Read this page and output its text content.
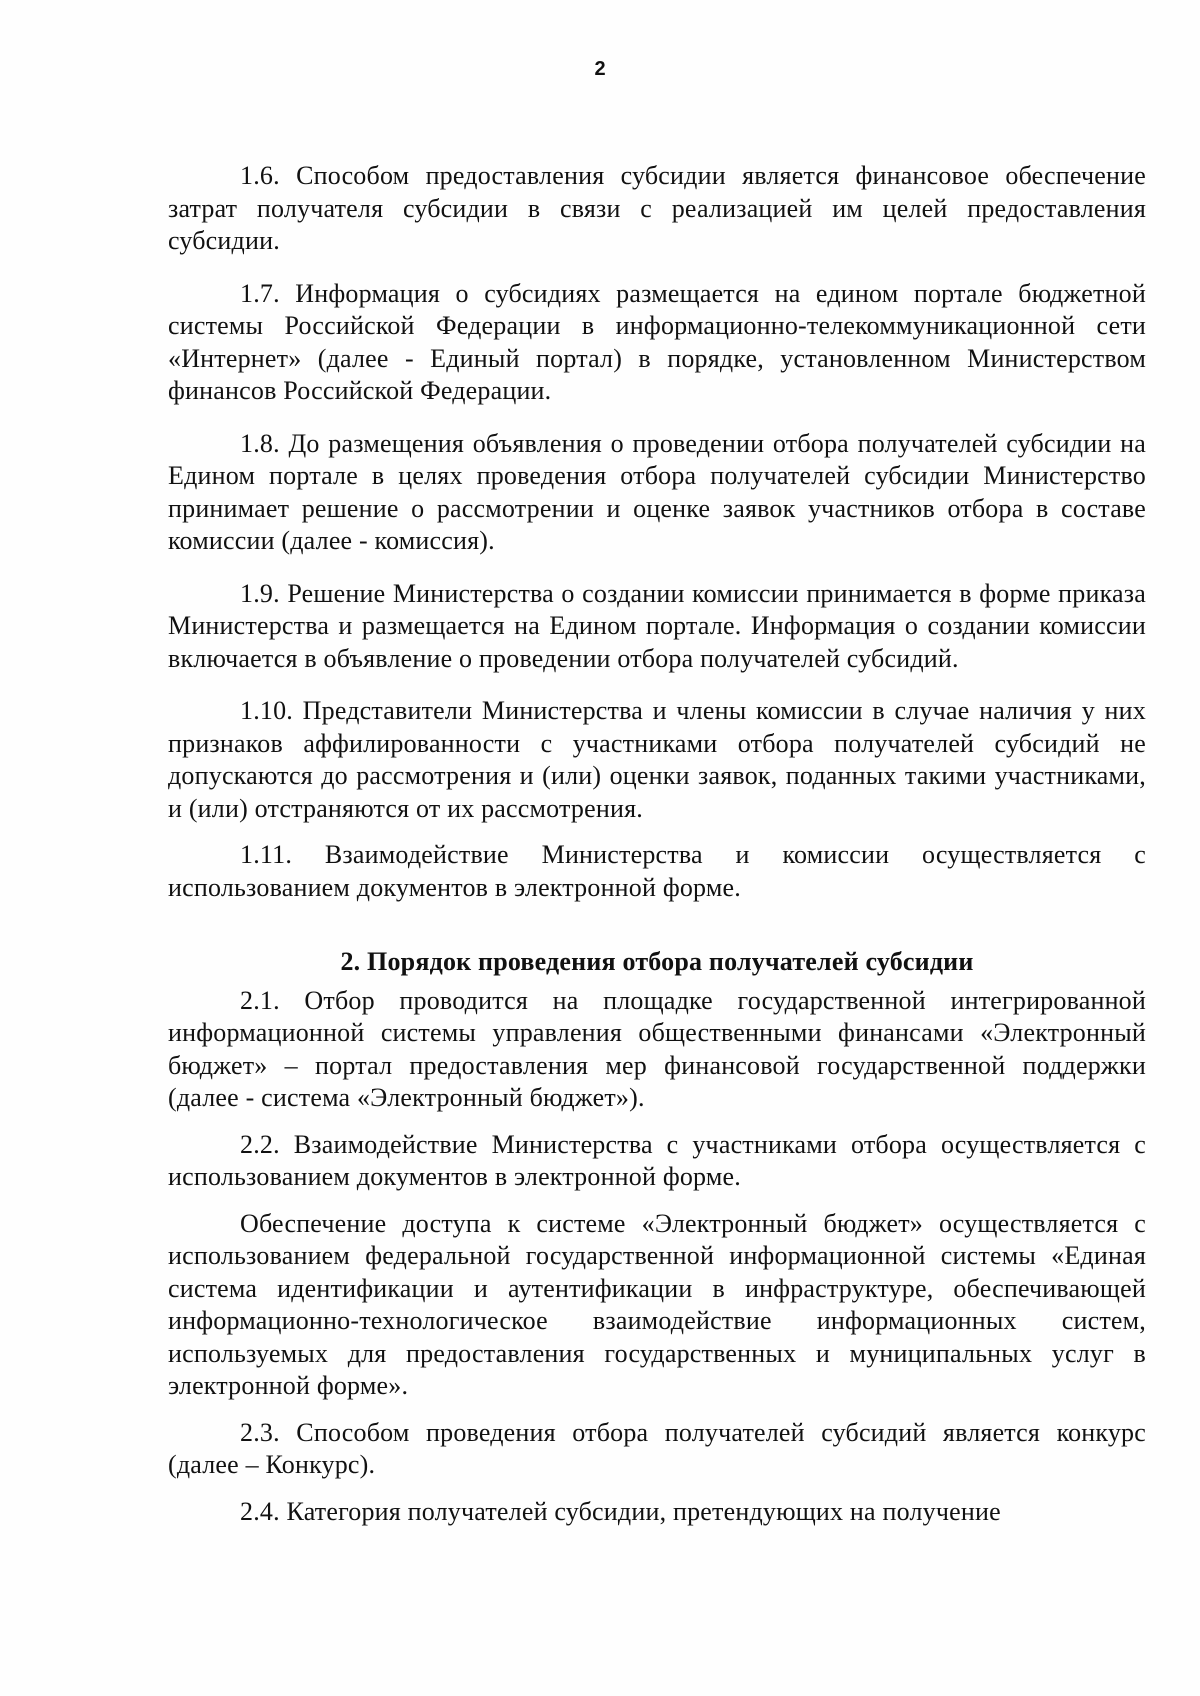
2

1.6. Способом предоставления субсидии является финансовое обеспечение затрат получателя субсидии в связи с реализацией им целей предоставления субсидии.

1.7. Информация о субсидиях размещается на едином портале бюджетной системы Российской Федерации в информационно-телекоммуникационной сети «Интернет» (далее - Единый портал) в порядке, установленном Министерством финансов Российской Федерации.

1.8. До размещения объявления о проведении отбора получателей субсидии на Едином портале в целях проведения отбора получателей субсидии Министерство принимает решение о рассмотрении и оценке заявок участников отбора в составе комиссии (далее - комиссия).

1.9. Решение Министерства о создании комиссии принимается в форме приказа Министерства и размещается на Едином портале. Информация о создании комиссии включается в объявление о проведении отбора получателей субсидий.

1.10. Представители Министерства и члены комиссии в случае наличия у них признаков аффилированности с участниками отбора получателей субсидий не допускаются до рассмотрения и (или) оценки заявок, поданных такими участниками, и (или) отстраняются от их рассмотрения.

1.11. Взаимодействие Министерства и комиссии осуществляется с использованием документов в электронной форме.

2. Порядок проведения отбора получателей субсидии

2.1. Отбор проводится на площадке государственной интегрированной информационной системы управления общественными финансами «Электронный бюджет» – портал предоставления мер финансовой государственной поддержки (далее - система «Электронный бюджет»).

2.2. Взаимодействие Министерства с участниками отбора осуществляется с использованием документов в электронной форме.

Обеспечение доступа к системе «Электронный бюджет» осуществляется с использованием федеральной государственной информационной системы «Единая система идентификации и аутентификации в инфраструктуре, обеспечивающей информационно-технологическое взаимодействие информационных систем, используемых для предоставления государственных и муниципальных услуг в электронной форме».

2.3. Способом проведения отбора получателей субсидий является конкурс (далее – Конкурс).

2.4. Категория получателей субсидии, претендующих на получение
